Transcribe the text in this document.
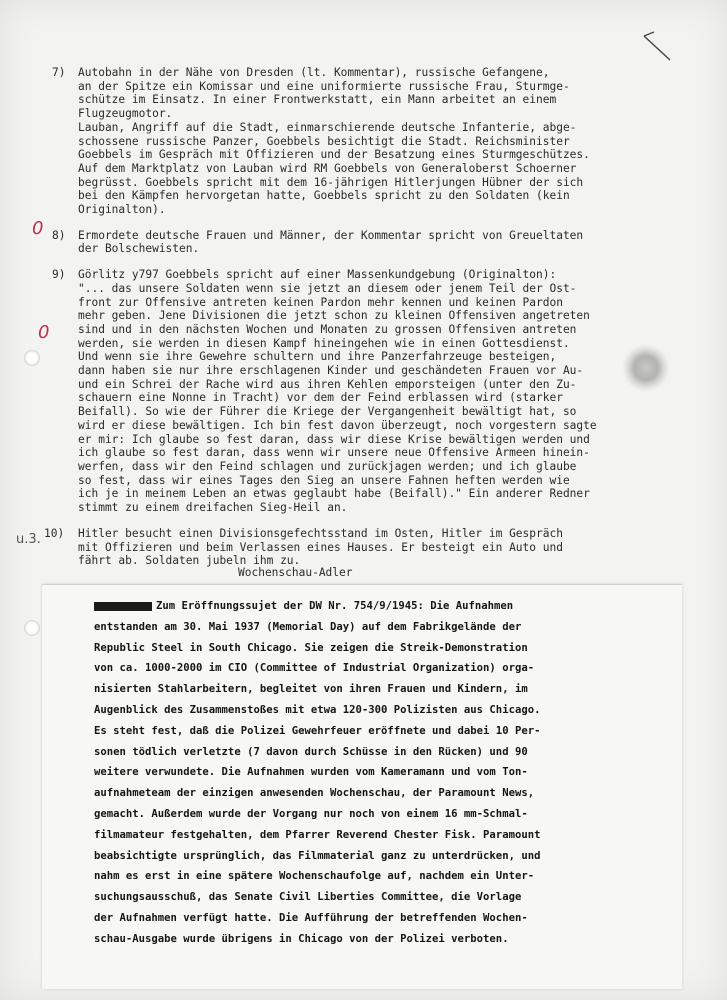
0
0
u.3.
7) Autobahn in der Nähe von Dresden (lt. Kommentar), russische Gefangene,
an der Spitze ein Komissar und eine uniformierte russische Frau, Sturmge-
schütze im Einsatz. In einer Frontwerkstatt, ein Mann arbeitet an einem
Flugzeugmotor.
Lauban, Angriff auf die Stadt, einmarschierende deutsche Infanterie, abge-
schossene russische Panzer, Goebbels besichtigt die Stadt. Reichsminister
Goebbels im Gespräch mit Offizieren und der Besatzung eines Sturmgeschützes.
Auf dem Marktplatz von Lauban wird RM Goebbels von Generaloberst Schoerner
begrüsst. Goebbels spricht mit dem 16-jährigen Hitlerjungen Hübner der sich
bei den Kämpfen hervorgetan hatte, Goebbels spricht zu den Soldaten (kein
Originalton).
8) Ermordete deutsche Frauen und Männer, der Kommentar spricht von Greueltaten
der Bolschewisten.
9) Görlitz y797 Goebbels spricht auf einer Massenkundgebung (Originalton):
"... das unsere Soldaten wenn sie jetzt an diesem oder jenem Teil der Ost-
front zur Offensive antreten keinen Pardon mehr kennen und keinen Pardon
mehr geben. Jene Divisionen die jetzt schon zu kleinen Offensiven angetreten
sind und in den nächsten Wochen und Monaten zu grossen Offensiven antreten
werden, sie werden in diesen Kampf hineingehen wie in einen Gottesdienst.
Und wenn sie ihre Gewehre schultern und ihre Panzerfahrzeuge besteigen,
dann haben sie nur ihre erschlagenen Kinder und geschändeten Frauen vor Au-
und ein Schrei der Rache wird aus ihren Kehlen emporsteigen (unter den Zu-
schauern eine Nonne in Tracht) vor dem der Feind erblassen wird (starker
Beifall). So wie der Führer die Kriege der Vergangenheit bewältigt hat, so
wird er diese bewältigen. Ich bin fest davon überzeugt, noch vorgestern sagte
er mir: Ich glaube so fest daran, dass wir diese Krise bewältigen werden und
ich glaube so fest daran, dass wenn wir unsere neue Offensive Armeen hinein-
werfen, dass wir den Feind schlagen und zurückjagen werden; und ich glaube
so fest, dass wir eines Tages den Sieg an unsere Fahnen heften werden wie
ich je in meinem Leben an etwas geglaubt habe (Beifall)." Ein anderer Redner
stimmt zu einem dreifachen Sieg-Heil an.
10) Hitler besucht einen Divisionsgefechtsstand im Osten, Hitler im Gespräch
mit Offizieren und beim Verlassen eines Hauses. Er besteigt ein Auto und
fährt ab. Soldaten jubeln ihm zu.
Wochenschau-Adler
Zum Eröffnungssujet der DW Nr. 754/9/1945: Die Aufnahmen
entstanden am 30. Mai 1937 (Memorial Day) auf dem Fabrikgelände der
Republic Steel in South Chicago. Sie zeigen die Streik-Demonstration
von ca. 1000-2000 im CIO (Committee of Industrial Organization) orga-
nisierten Stahlarbeitern, begleitet von ihren Frauen und Kindern, im
Augenblick des Zusammenstoßes mit etwa 120-300 Polizisten aus Chicago.
Es steht fest, daß die Polizei Gewehrfeuer eröffnete und dabei 10 Per-
sonen tödlich verletzte (7 davon durch Schüsse in den Rücken) und 90
weitere verwundete. Die Aufnahmen wurden vom Kameramann und vom Ton-
aufnahmeteam der einzigen anwesenden Wochenschau, der Paramount News,
gemacht. Außerdem wurde der Vorgang nur noch von einem 16 mm-Schmal-
filmamateur festgehalten, dem Pfarrer Reverend Chester Fisk. Paramount
beabsichtigte ursprünglich, das Filmmaterial ganz zu unterdrücken, und
nahm es erst in eine spätere Wochenschaufolge auf, nachdem ein Unter-
suchungsausschuß, das Senate Civil Liberties Committee, die Vorlage
der Aufnahmen verfügt hatte. Die Aufführung der betreffenden Wochen-
schau-Ausgabe wurde übrigens in Chicago von der Polizei verboten.
